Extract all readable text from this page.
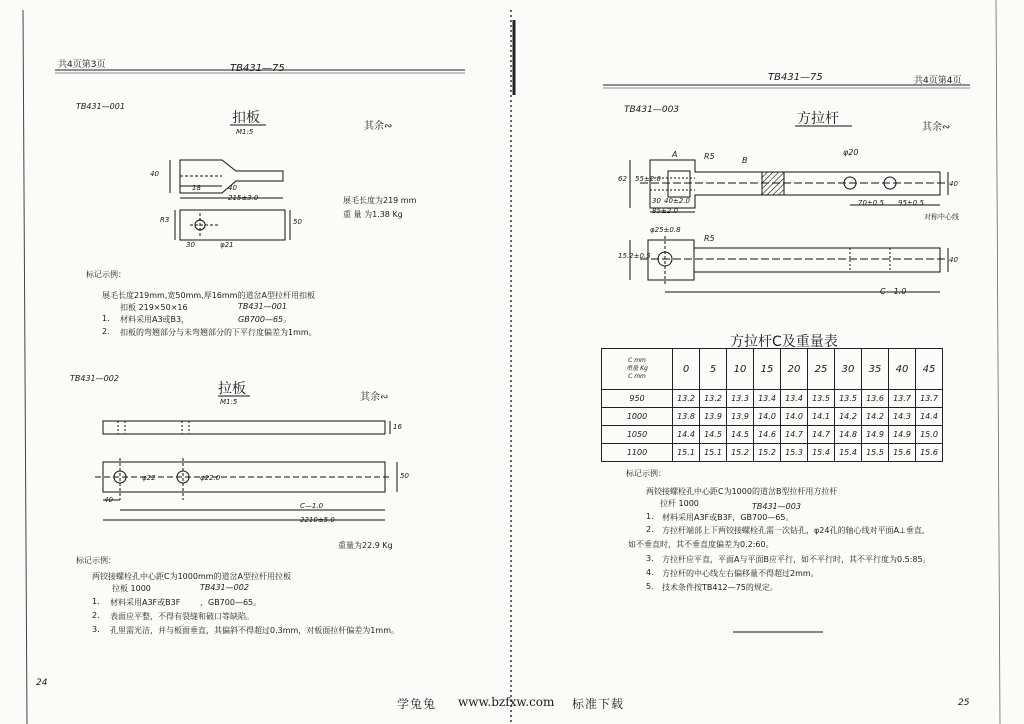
共4页第3页	TB431—75
TB431—001
扣板
M1:5	其余∾
18	40
215±3.0
40
R3	50
φ21
30
展毛长度为219 mm
重 量 为1.38 Kg
标记示例：
展毛长度219mm,宽50mm,厚16mm的道岔A型拉杆用扣板
扣板 219×50×16	TB431—001
1. 材料采用A3或B3，	GB700—65。
2. 扣板的弯翘部分与未弯翘部分的下平行度偏差为1mm。
TB431—002
拉板
M1:5	其余∾
16
φ22	φ22.0	50
40
C—1.0
2210±5.0
重量为22.9 Kg
标记示例：
两铰接螺栓孔中心距C为1000mm的道岔A型拉杆用拉板
拉板 1000	TB431—002
1. 材料采用A3F或B3F ，GB700—65。
2. 表面应平整，不得有裂缝和破口等缺陷。
3. 孔里需光洁，并与板面垂直，其偏斜不得超过0.3mm，对板面拉杆偏差为1mm。
24
TB431—75	共4页第4页
TB431—003
方拉杆
其余∾
A	R5	B
φ20
62 55±2.0
40
30 40±2.0
85±2.0
70±0.5 95±0.5
φ25±0.8
R5
15.2±0.5
对称中心线
40
C—1.0
方拉杆C及重量表
C mm
重量 Kg
C mm	0	5	10	15	20	25	30	35	40	45
950	13.2	13.2	13.3	13.4	13.4	13.5	13.5	13.6	13.7	13.7
1000	13.8	13.9	13.9	14.0	14.0	14.1	14.2	14.2	14.3	14.4
1050	14.4	14.5	14.5	14.6	14.7	14.7	14.8	14.9	14.9	15.0
1100	15.1	15.1	15.2	15.2	15.3	15.4	15.4	15.5	15.6	15.6
标记示例：
两铰接螺栓孔中心距C为1000的道岔B型拉杆用方拉杆
拉杆 1000	TB431—003
1. 材料采用A3F或B3F，GB700—65。
2. 方拉杆端部上下两铰接螺栓孔需一次钻孔，φ24孔的轴心线对平面A⊥垂直,
如不垂直时，其不垂直度偏差为0.2:60。
3. 方拉杆应平直，平面A与平面B应平行，如不平行时，其不平行度为0.5:85。
4. 方拉杆的中心线左右偏移量不得超过2mm。
5. 技术条件按TB412—75的规定。
25
学兔兔 www.bzfxw.com 标准下载
